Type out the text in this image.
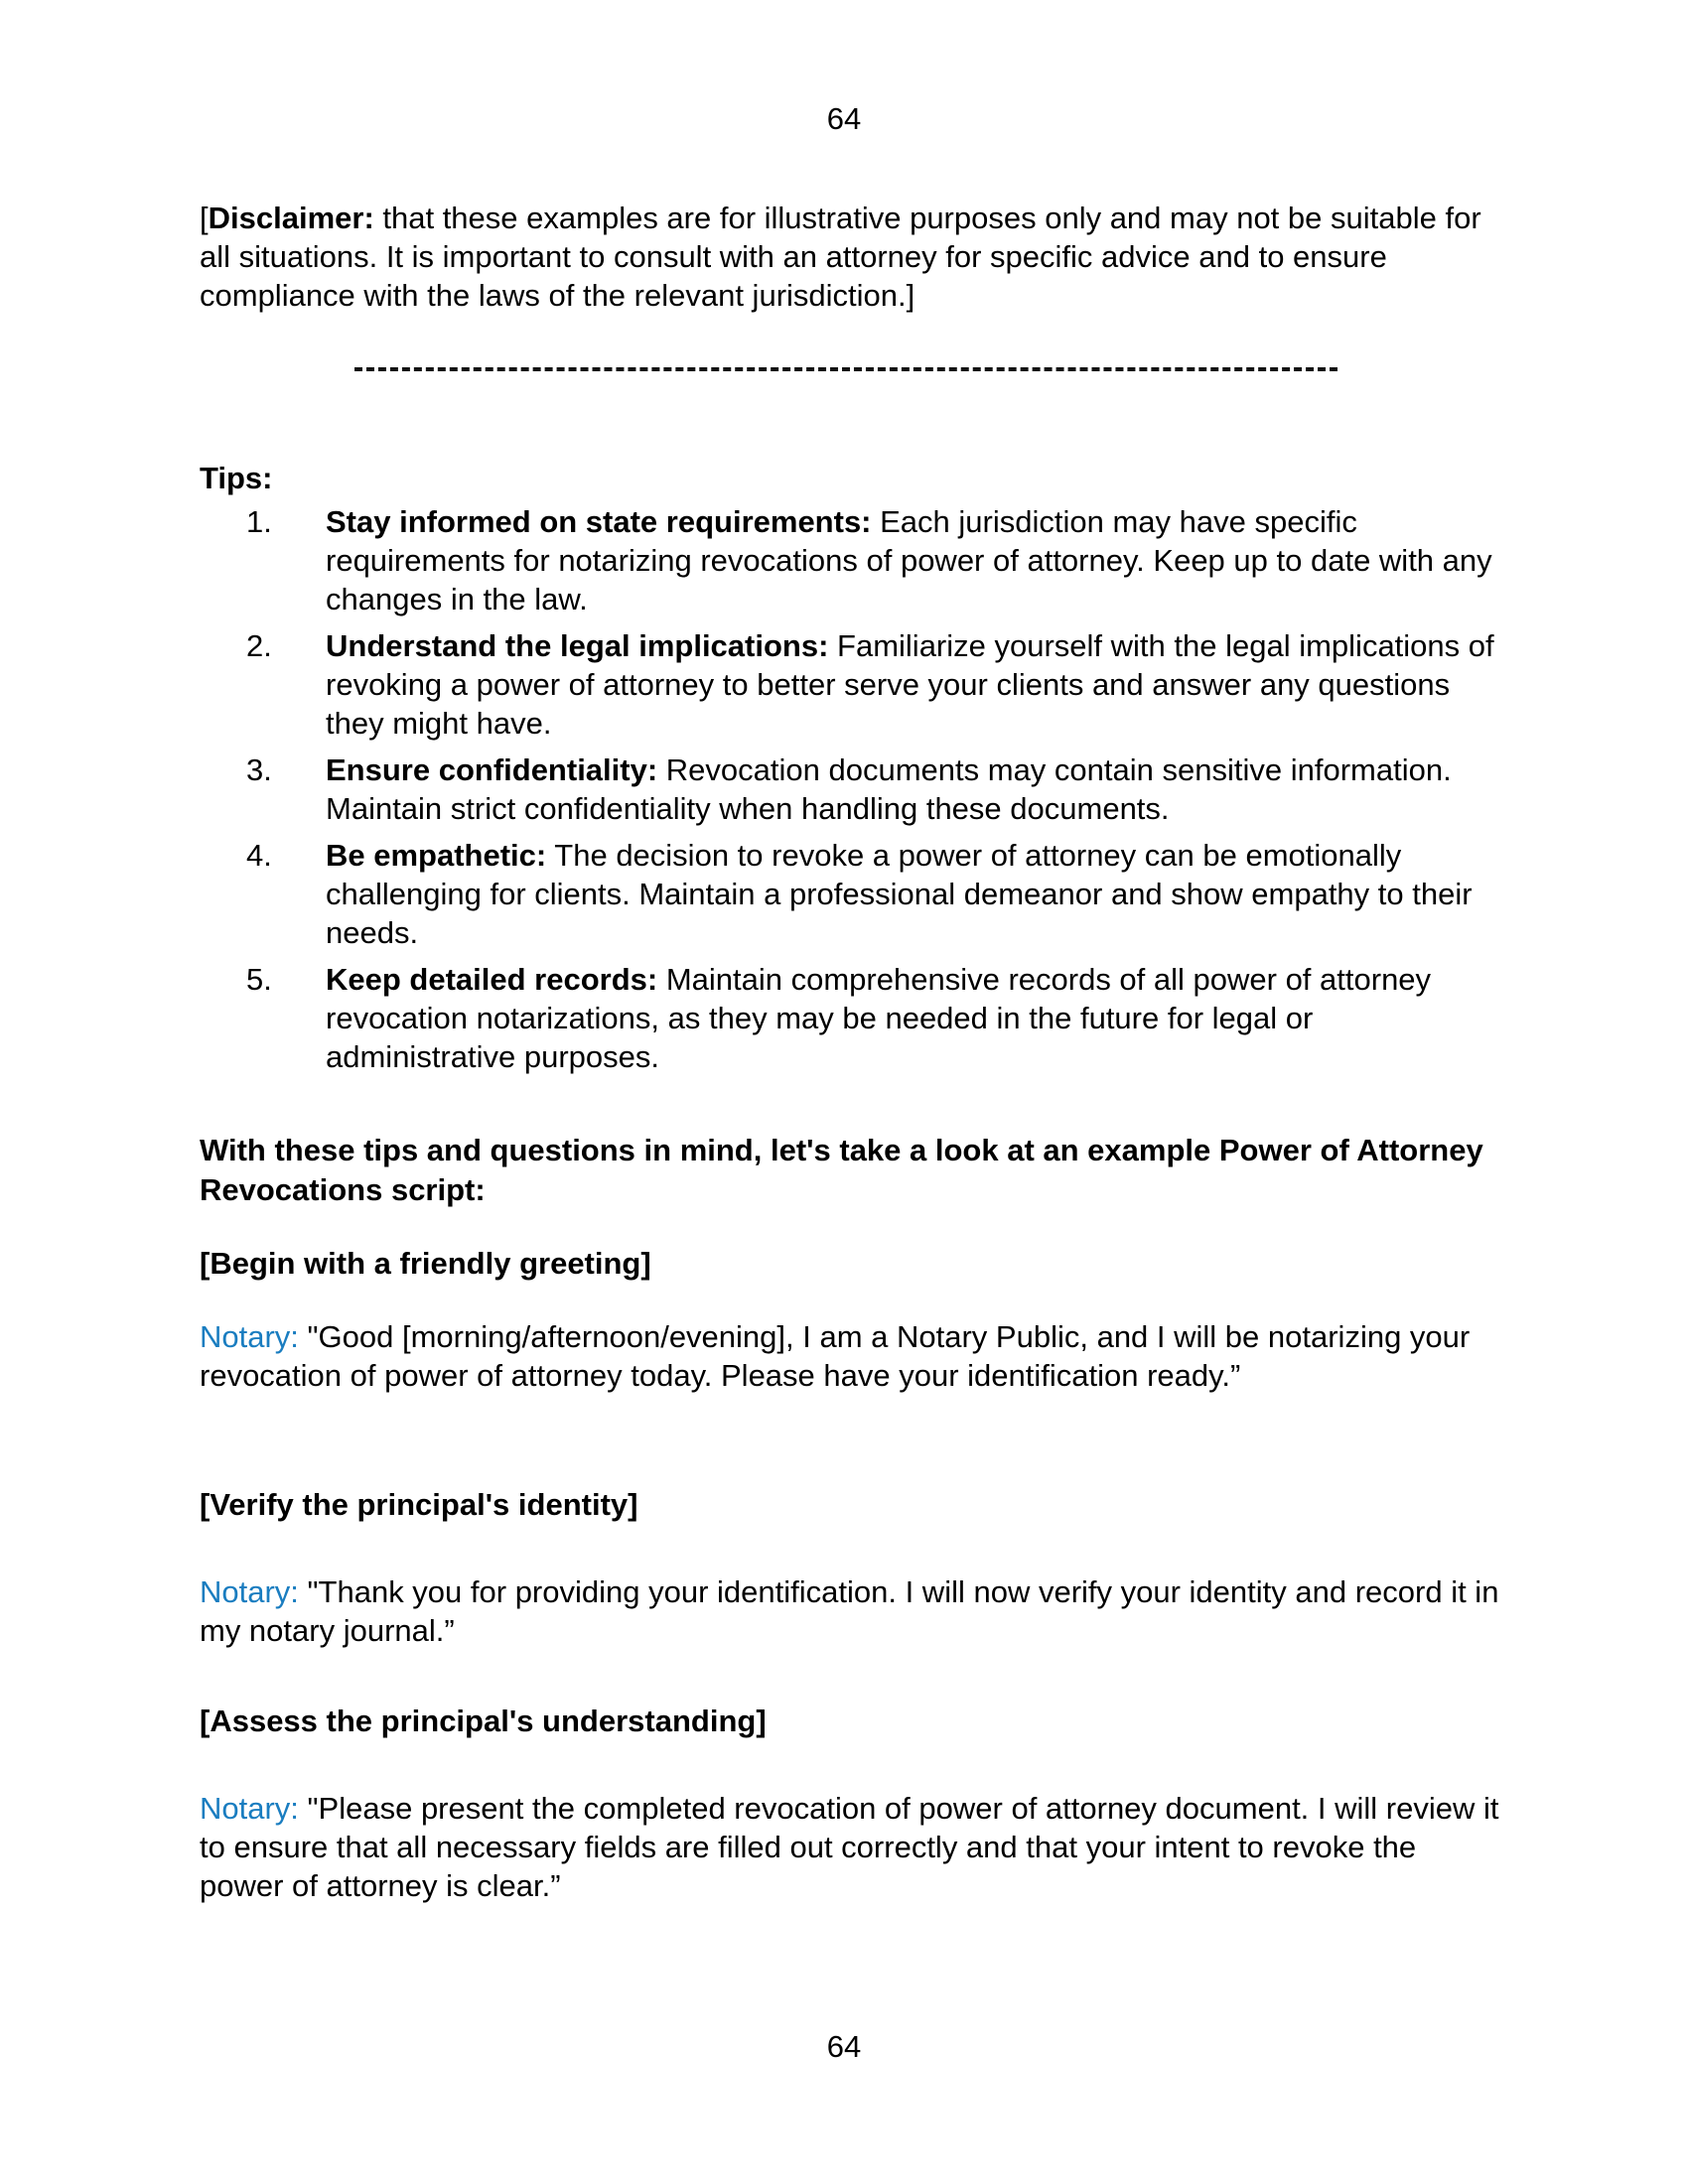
64

[Disclaimer: that these examples are for illustrative purposes only and may not be suitable for all situations. It is important to consult with an attorney for specific advice and to ensure compliance with the laws of the relevant jurisdiction.]

Tips:
1. Stay informed on state requirements: Each jurisdiction may have specific requirements for notarizing revocations of power of attorney. Keep up to date with any changes in the law.
2. Understand the legal implications: Familiarize yourself with the legal implications of revoking a power of attorney to better serve your clients and answer any questions they might have.
3. Ensure confidentiality: Revocation documents may contain sensitive information. Maintain strict confidentiality when handling these documents.
4. Be empathetic: The decision to revoke a power of attorney can be emotionally challenging for clients. Maintain a professional demeanor and show empathy to their needs.
5. Keep detailed records: Maintain comprehensive records of all power of attorney revocation notarizations, as they may be needed in the future for legal or administrative purposes.
With these tips and questions in mind, let's take a look at an example Power of Attorney Revocations script:
[Begin with a friendly greeting]
Notary: "Good [morning/afternoon/evening], I am a Notary Public, and I will be notarizing your revocation of power of attorney today. Please have your identification ready.”
[Verify the principal's identity]
Notary: "Thank you for providing your identification. I will now verify your identity and record it in my notary journal.”
[Assess the principal's understanding]
Notary: "Please present the completed revocation of power of attorney document. I will review it to ensure that all necessary fields are filled out correctly and that your intent to revoke the power of attorney is clear.”
64
